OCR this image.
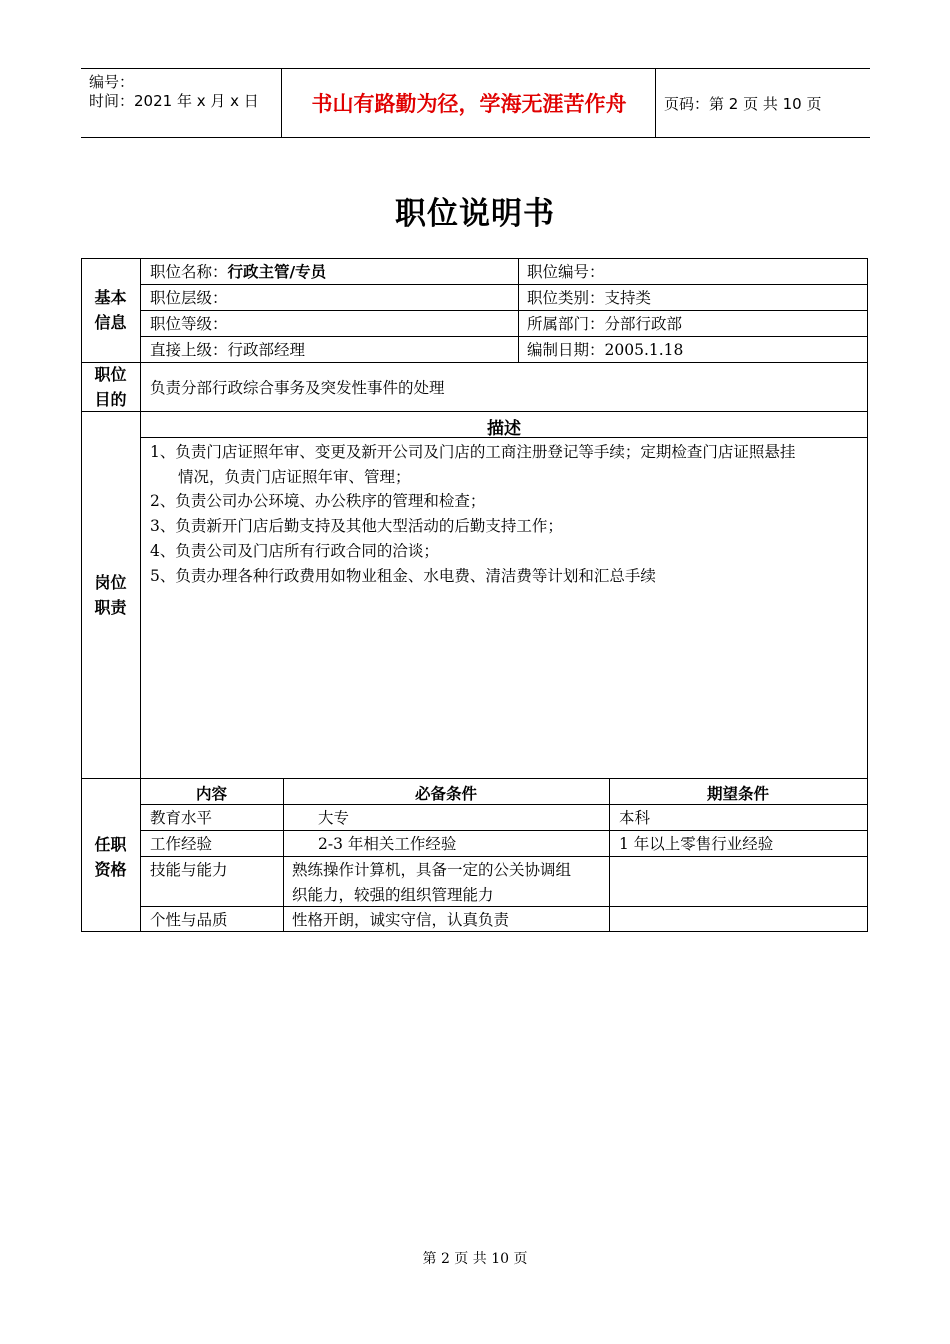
编号：
时间：2021 年 x 月 x 日	书山有路勤为径，学海无涯苦作舟	页码：第 2 页 共 10 页
职位说明书
基本信息
职位名称：行政主管/专员	职位编号：
职位层级：	职位类别：支持类
职位等级：	所属部门：分部行政部
直接上级：行政部经理	编制日期：2005.1.18
职位目的
负责分部行政综合事务及突发性事件的处理
岗位职责
描述
1、负责门店证照年审、变更及新开公司及门店的工商注册登记等手续；定期检查门店证照悬挂
情况，负责门店证照年审、管理；
2、负责公司办公环境、办公秩序的管理和检查；
3、负责新开门店后勤支持及其他大型活动的后勤支持工作；
4、负责公司及门店所有行政合同的洽谈；
5、负责办理各种行政费用如物业租金、水电费、清洁费等计划和汇总手续
任职资格
内容	必备条件	期望条件
教育水平	大专	本科
工作经验	2-3 年相关工作经验	1 年以上零售行业经验
技能与能力	熟练操作计算机，具备一定的公关协调组
织能力，较强的组织管理能力
个性与品质	性格开朗，诚实守信，认真负责
第 2 页 共 10 页
